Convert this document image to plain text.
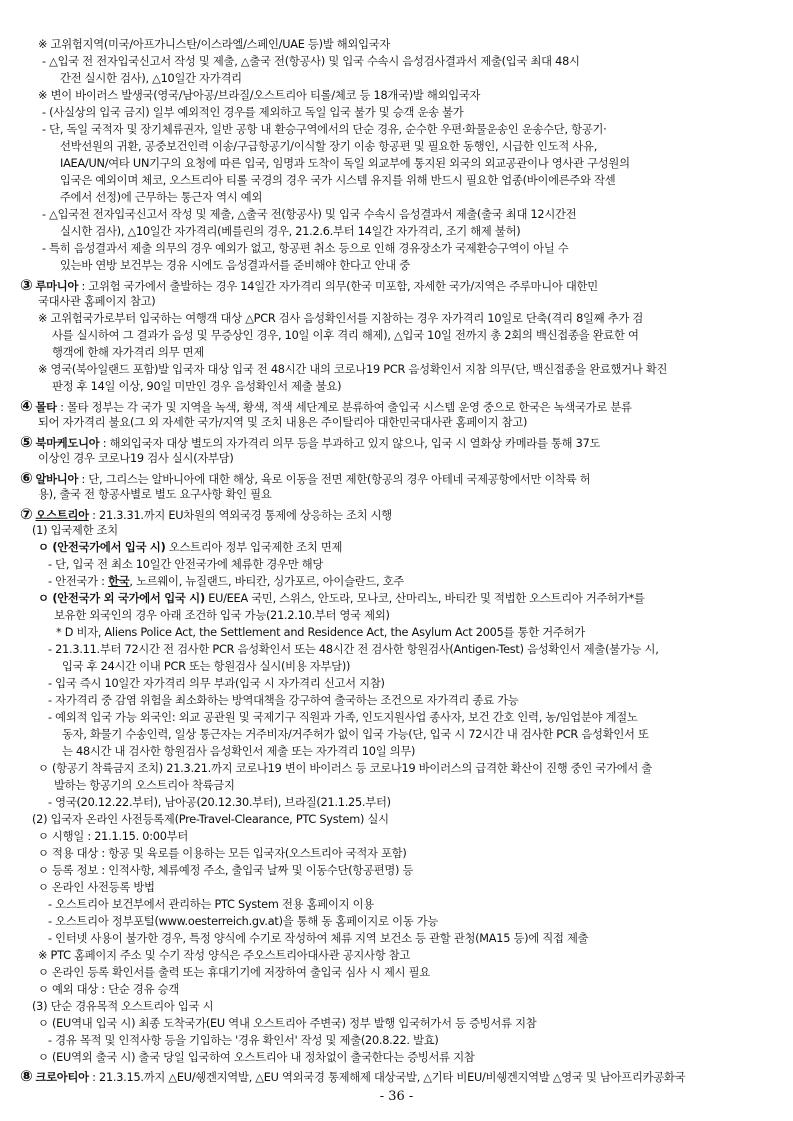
※ 고위험지역(미국/아프가니스탄/이스라엘/스페인/UAE 등)발 해외입국자
- △입국 전 전자입국신고서 작성 및 제출, △출국 전(항공사) 및 입국 수속시 음성검사결과서 제출(입국 최대 48시
간전 실시한 검사), △10일간 자가격리
※ 변이 바이러스 발생국(영국/남아공/브라질/오스트리아 티롤/체코 등 18개국)발 해외입국자
- (사실상의 입국 금지) 일부 예외적인 경우를 제외하고 독일 입국 불가 및 승객 운송 불가
- 단, 독일 국적자 및 장기체류권자, 일반 공항 내 환승구역에서의 단순 경유, 순수한 우편·화물운송인 운송수단, 항공기·
선박선원의 귀환, 공중보건인력 이송/구급항공기/이식할 장기 이송 항공편 및 필요한 동행인, 시급한 인도적 사유,
IAEA/UN/여타 UN기구의 요청에 따른 입국, 임명과 도착이 독일 외교부에 통지된 외국의 외교공관이나 영사관 구성원의
입국은 예외이며 체코, 오스트리아 티롤 국경의 경우 국가 시스템 유지를 위해 반드시 필요한 업종(바이에른주와 작센
주에서 선정)에 근무하는 통근자 역시 예외
- △입국전 전자입국신고서 작성 및 제출, △출국 전(항공사) 및 입국 수속시 음성결과서 제출(출국 최대 12시간전
실시한 검사), △10일간 자가격리(베를린의 경우, 21.2.6.부터 14일간 자가격리, 조기 해제 불허)
- 특히 음성결과서 제출 의무의 경우 예외가 없고, 항공편 취소 등으로 인해 경유장소가 국제환승구역이 아닐 수
있는바 연방 보건부는 경유 시에도 음성결과서를 준비해야 한다고 안내 중
③ 루마니아 : 고위험 국가에서 출발하는 경우 14일간 자가격리 의무(한국 미포함, 자세한 국가/지역은 주루마니아 대한민
국대사관 홈페이지 참고)
※ 고위험국가로부터 입국하는 여행객 대상 △PCR 검사 음성확인서를 지참하는 경우 자가격리 10일로 단축(격리 8일째 추가 검
사를 실시하여 그 결과가 음성 및 무증상인 경우, 10일 이후 격리 해제), △입국 10일 전까지 총 2회의 백신접종을 완료한 여
행객에 한해 자가격리 의무 면제
※ 영국(북아일랜드 포함)발 입국자 대상 입국 전 48시간 내의 코로나19 PCR 음성확인서 지참 의무(단, 백신접종을 완료했거나 확진
판정 후 14일 이상, 90일 미만인 경우 음성확인서 제출 불요)
④ 몰타 : 몰타 정부는 각 국가 및 지역을 녹색, 황색, 적색 세단계로 분류하여 출입국 시스템 운영 중으로 한국은 녹색국가로 분류
되어 자가격리 불요(그 외 자세한 국가/지역 및 조치 내용은 주이탈리아 대한민국대사관 홈페이지 참고)
⑤ 북마케도니아 : 해외입국자 대상 별도의 자가격리 의무 등을 부과하고 있지 않으나, 입국 시 열화상 카메라를 통해 37도
이상인 경우 코로나19 검사 실시(자부담)
⑥ 알바니아 : 단, 그리스는 알바니아에 대한 해상, 육로 이동을 전면 제한(항공의 경우 아테네 국제공항에서만 이착륙 허
용), 출국 전 항공사별로 별도 요구사항 확인 필요
⑦ 오스트리아 : 21.3.31.까지 EU차원의 역외국경 통제에 상응하는 조치 시행
(1) 입국제한 조치
ㅇ (안전국가에서 입국 시) 오스트리아 정부 입국제한 조치 면제
- 단, 입국 전 최소 10일간 안전국가에 체류한 경우만 해당
- 안전국가 : 한국, 노르웨이, 뉴질랜드, 바티칸, 싱가포르, 아이슬란드, 호주
ㅇ (안전국가 외 국가에서 입국 시) EU/EEA 국민, 스위스, 안도라, 모나코, 산마리노, 바티칸 및 적법한 오스트리아 거주허가*를
보유한 외국인의 경우 아래 조건하 입국 가능(21.2.10.부터 영국 제외)
* D 비자, Aliens Police Act, the Settlement and Residence Act, the Asylum Act 2005를 통한 거주허가
- 21.3.11.부터 72시간 전 검사한 PCR 음성확인서 또는 48시간 전 검사한 항원검사(Antigen-Test) 음성확인서 제출(불가능 시,
입국 후 24시간 이내 PCR 또는 항원검사 실시(비용 자부담))
- 입국 즉시 10일간 자가격리 의무 부과(입국 시 자가격리 신고서 지참)
- 자가격리 중 감염 위험을 최소화하는 방역대책을 강구하여 출국하는 조건으로 자가격리 종료 가능
- 예외적 입국 가능 외국인: 외교 공관원 및 국제기구 직원과 가족, 인도지원사업 종사자, 보건 간호 인력, 농/임업분야 계절노
동자, 화물기 수송인력, 일상 통근자는 거주비자/거주허가 없이 입국 가능(단, 입국 시 72시간 내 검사한 PCR 음성확인서 또
는 48시간 내 검사한 항원검사 음성확인서 제출 또는 자가격리 10일 의무)
ㅇ (항공기 착륙금지 조치) 21.3.21.까지 코로나19 변이 바이러스 등 코로나19 바이러스의 급격한 확산이 진행 중인 국가에서 출
발하는 항공기의 오스트리아 착륙금지
- 영국(20.12.22.부터), 남아공(20.12.30.부터), 브라질(21.1.25.부터)
(2) 입국자 온라인 사전등록제(Pre-Travel-Clearance, PTC System) 실시
ㅇ 시행일 : 21.1.15. 0:00부터
ㅇ 적용 대상 : 항공 및 육로를 이용하는 모든 입국자(오스트리아 국적자 포함)
ㅇ 등록 정보 : 인적사항, 체류예정 주소, 출입국 날짜 및 이동수단(항공편명) 등
ㅇ 온라인 사전등록 방법
- 오스트리아 보건부에서 관리하는 PTC System 전용 홈페이지 이용
- 오스트리아 정부포털(www.oesterreich.gv.at)을 통해 동 홈페이지로 이동 가능
- 인터넷 사용이 불가한 경우, 특정 양식에 수기로 작성하여 체류 지역 보건소 등 관할 관청(MA15 등)에 직접 제출
※ PTC 홈페이지 주소 및 수기 작성 양식은 주오스트리아대사관 공지사항 참고
ㅇ 온라인 등록 확인서를 출력 또는 휴대기기에 저장하여 출입국 심사 시 제시 필요
ㅇ 예외 대상 : 단순 경유 승객
(3) 단순 경유목적 오스트리아 입국 시
ㅇ (EU역내 입국 시) 최종 도착국가(EU 역내 오스트리아 주변국) 정부 발행 입국허가서 등 증빙서류 지참
- 경유 목적 및 인적사항 등을 기입하는 '경유 확인서' 작성 및 제출(20.8.22. 발효)
ㅇ (EU역외 출국 시) 출국 당일 입국하여 오스트리아 내 정차없이 출국한다는 증빙서류 지참
⑧ 크로아티아 : 21.3.15.까지 △EU/쉥겐지역발, △EU 역외국경 통제해제 대상국발, △기타 비EU/비쉥겐지역발 △영국 및 남아프리카공화국
- 36 -
